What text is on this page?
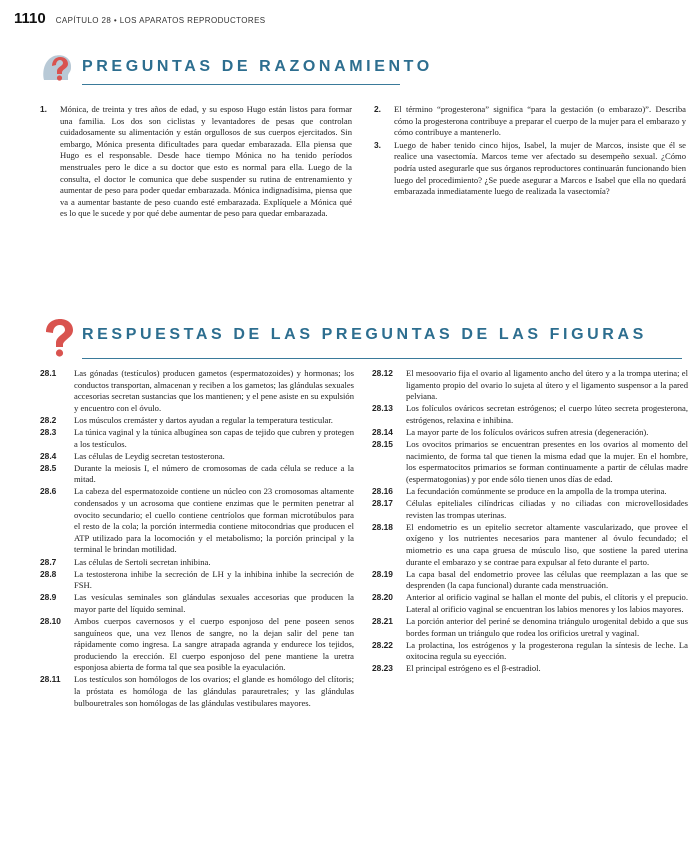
1110 CAPÍTULO 28 • LOS APARATOS REPRODUCTORES
PREGUNTAS DE RAZONAMIENTO
1.	Mónica, de treinta y tres años de edad, y su esposo Hugo están listos para formar una familia. Los dos son ciclistas y levantadores de pesas que controlan cuidadosamente su alimentación y están orgullosos de sus cuerpos ejercitados. Sin embargo, Mónica presenta dificultades para quedar embarazada. Ella piensa que Hugo es el responsable. Desde hace tiempo Mónica no ha tenido períodos menstruales pero le dice a su doctor que esto es normal para ella. Luego de la consulta, el doctor le comunica que debe suspender su rutina de entrenamiento y aumentar de peso para poder quedar embarazada. Mónica indignadísima, piensa que va a aumentar bastante de peso cuando esté embarazada. Explíquele a Mónica qué es lo que le sucede y por qué debe aumentar de peso para quedar embarazada.
2.	El término “progesterona” significa “para la gestación (o embarazo)”. Describa cómo la progesterona contribuye a preparar el cuerpo de la mujer para el embarazo y cómo contribuye a mantenerlo.
3.	Luego de haber tenido cinco hijos, Isabel, la mujer de Marcos, insiste que él se realice una vasectomía. Marcos teme ver afectado su desempeño sexual. ¿Cómo podría usted asegurarle que sus órganos reproductores continuarán funcionando bien luego del procedimiento? ¿Se puede asegurar a Marcos e Isabel que ella no quedará embarazada inmediatamente luego de realizada la vasectomía?
RESPUESTAS DE LAS PREGUNTAS DE LAS FIGURAS
28.1	Las gónadas (testículos) producen gametos (espermatozoides) y hormonas; los conductos transportan, almacenan y reciben a los gametos; las glándulas sexuales accesorias secretan sustancias que los mantienen; y el pene asiste en su expulsión y encuentro con el óvulo.
28.2	Los músculos cremáster y dartos ayudan a regular la temperatura testicular.
28.3	La túnica vaginal y la túnica albugínea son capas de tejido que cubren y protegen a los testículos.
28.4	Las células de Leydig secretan testosterona.
28.5	Durante la meiosis I, el número de cromosomas de cada célula se reduce a la mitad.
28.6	La cabeza del espermatozoide contiene un núcleo con 23 cromosomas altamente condensados y un acrosoma que contiene enzimas que le permiten penetrar al ovocito secundario; el cuello contiene centríolos que forman microtúbulos para el resto de la cola; la porción intermedia contiene mitocondrias que producen el ATP utilizado para la locomoción y el metabolismo; la porción principal y la terminal le brindan motilidad.
28.7	Las células de Sertoli secretan inhibina.
28.8	La testosterona inhibe la secreción de LH y la inhibina inhibe la secreción de FSH.
28.9	Las vesículas seminales son glándulas sexuales accesorias que producen la mayor parte del líquido seminal.
28.10	Ambos cuerpos cavernosos y el cuerpo esponjoso del pene poseen senos sanguíneos que, una vez llenos de sangre, no la dejan salir del pene tan rápidamente como ingresa. La sangre atrapada agranda y endurece los tejidos, produciendo la erección. El cuerpo esponjoso del pene mantiene la uretra esponjosa abierta de forma tal que sea posible la eyaculación.
28.11	Los testículos son homólogos de los ovarios; el glande es homólogo del clítoris; la próstata es homóloga de las glándulas parauretrales; y las glándulas bulbouretrales son homólogas de las glándulas vestibulares mayores.
28.12	El mesoovario fija el ovario al ligamento ancho del útero y a la trompa uterina; el ligamento propio del ovario lo sujeta al útero y el ligamento suspensor a la pared pelviana.
28.13	Los folículos ováricos secretan estrógenos; el cuerpo lúteo secreta progesterona, estrógenos, relaxina e inhibina.
28.14	La mayor parte de los folículos ováricos sufren atresia (degeneración).
28.15	Los ovocitos primarios se encuentran presentes en los ovarios al momento del nacimiento, de forma tal que tienen la misma edad que la mujer. En el hombre, los espermatocitos primarios se forman continuamente a partir de células madre (espermatogonias) y por ende sólo tienen unos días de edad.
28.16	La fecundación comúnmente se produce en la ampolla de la trompa uterina.
28.17	Células epiteliales cilíndricas ciliadas y no ciliadas con microvellosidades revisten las trompas uterinas.
28.18	El endometrio es un epitelio secretor altamente vascularizado, que provee el oxígeno y los nutrientes necesarios para mantener al óvulo fecundado; el miometrio es una capa gruesa de músculo liso, que sostiene la pared uterina durante el embarazo y se contrae para expulsar al feto durante el parto.
28.19	La capa basal del endometrio provee las células que reemplazan a las que se desprenden (la capa funcional) durante cada menstruación.
28.20	Anterior al orificio vaginal se hallan el monte del pubis, el clítoris y el prepucio. Lateral al orificio vaginal se encuentran los labios menores y los labios mayores.
28.21	La porción anterior del periné se denomina triángulo urogenital debido a que sus bordes forman un triángulo que rodea los orificios uretral y vaginal.
28.22	La prolactina, los estrógenos y la progesterona regulan la síntesis de leche. La oxitocina regula su eyección.
28.23	El principal estrógeno es el β-estradiol.
